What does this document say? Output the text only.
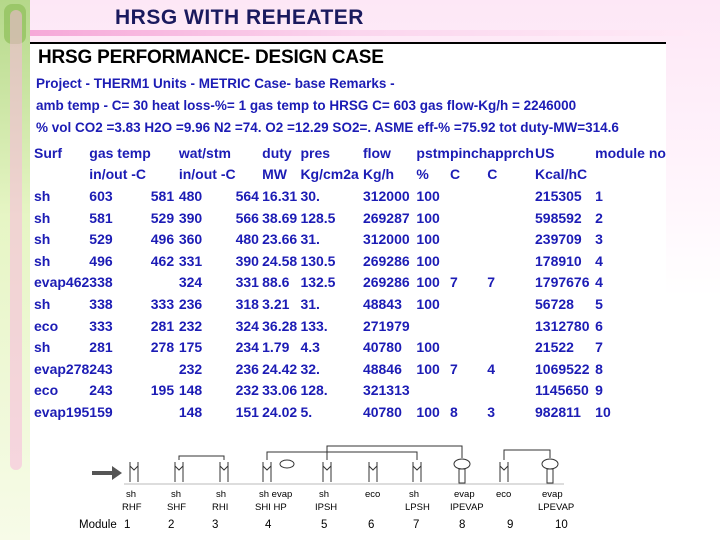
HRSG WITH REHEATER
HRSG PERFORMANCE- DESIGN CASE
Project - THERM1 Units - METRIC Case- base Remarks -
amb temp - C= 30 heat loss-%= 1 gas temp to HRSG C= 603 gas flow-Kg/h = 2246000
% vol CO2 =3.83 H2O =9.96 N2 =74. O2 =12.29 SO2=. ASME eff-% =75.92 tot duty-MW=314.6
Surf	gas temp		wat/stm		duty	pres	flow	pstm	pinch	apprch	US	module no
	in/out -C		in/out -C		MW	Kg/cm2a	Kg/h	%	C	C	Kcal/hC	
sh	603	581	480	564	16.31	30.	312000	100			215305	1
sh	581	529	390	566	38.69	128.5	269287	100			598592	2
sh	529	496	360	480	23.66	31.	312000	100			239709	3
sh	496	462	331	390	24.58	130.5	269286	100			178910	4
evap462	338		324	331	88.6	132.5	269286	100	7	7	1797676	4
sh	338	333	236	318	3.21	31.	48843	100			56728	5
eco	333	281	232	324	36.28	133.	271979				1312780	6
sh	281	278	175	234	1.79	4.3	40780	100			21522	7
evap278	243		232	236	24.42	32.	48846	100	7	4	1069522	8
eco	243	195	148	232	33.06	128.	321313				1145650	9
evap195	159		148	151	24.02	5.	40780	100	8	3	982811	10
sh
RHF
sh
SHF
sh
RHI
sh evap
SHI HP
sh
IPSH
eco	sh
LPSH
evap
IPEVAP
eco	evap
LPEVAP
Module 1	2	3	4	5	6	7	8	9	10
